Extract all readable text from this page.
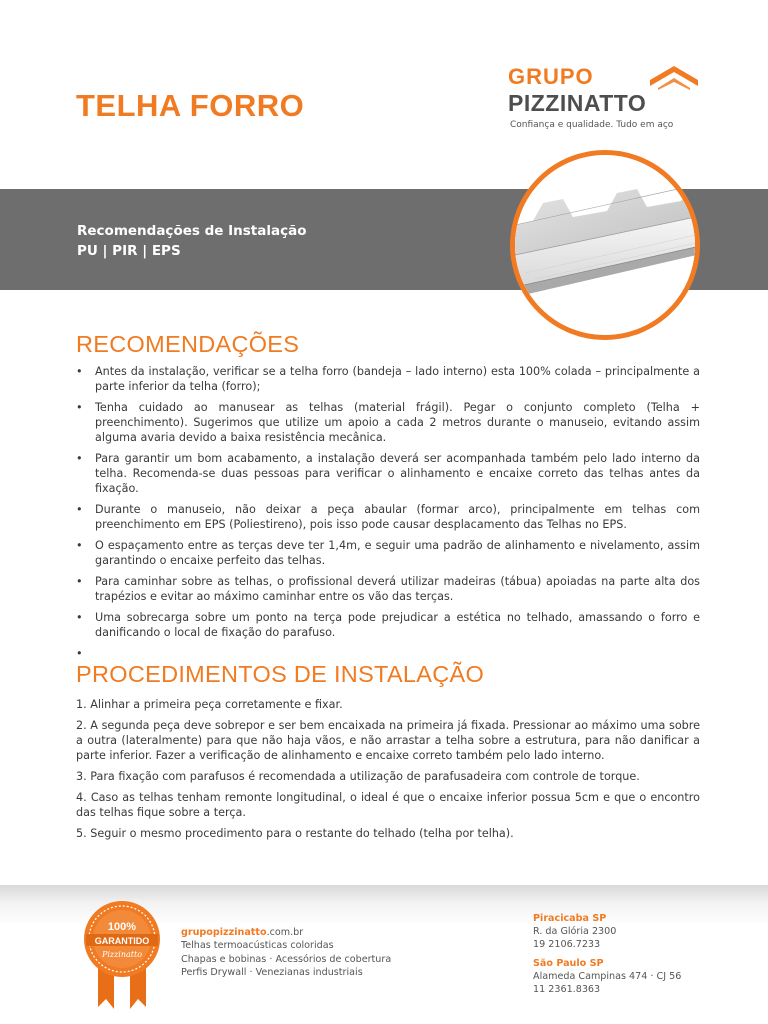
TELHA FORRO
GRUPO
PIZZINATTO
Confiança e qualidade. Tudo em aço
Recomendações de Instalação
PU | PIR | EPS
RECOMENDAÇÕES
• Antes da instalação, verificar se a telha forro (bandeja – lado interno) esta 100% colada – principalmente a parte inferior da telha (forro);
• Tenha cuidado ao manusear as telhas (material frágil). Pegar o conjunto completo (Telha + preenchimento). Sugerimos que utilize um apoio a cada 2 metros durante o manuseio, evitando assim alguma avaria devido a baixa resistência mecânica.
• Para garantir um bom acabamento, a instalação deverá ser acompanhada também pelo lado interno da telha. Recomenda-se duas pessoas para verificar o alinhamento e encaixe correto das telhas antes da fixação.
• Durante o manuseio, não deixar a peça abaular (formar arco), principalmente em telhas com preenchimento em EPS (Poliestireno), pois isso pode causar desplacamento das Telhas no EPS.
• O espaçamento entre as terças deve ter 1,4m, e seguir uma padrão de alinhamento e nivelamento, assim garantindo o encaixe perfeito das telhas.
• Para caminhar sobre as telhas, o profissional deverá utilizar madeiras (tábua) apoiadas na parte alta dos trapézios e evitar ao máximo caminhar entre os vão das terças.
• Uma sobrecarga sobre um ponto na terça pode prejudicar a estética no telhado, amassando o forro e danificando o local de fixação do parafuso.
•
PROCEDIMENTOS DE INSTALAÇÃO
1. Alinhar a primeira peça corretamente e fixar.
2. A segunda peça deve sobrepor e ser bem encaixada na primeira já fixada. Pressionar ao máximo uma sobre a outra (lateralmente) para que não haja vãos, e não arrastar a telha sobre a estrutura, para não danificar a parte inferior. Fazer a verificação de alinhamento e encaixe correto também pelo lado interno.
3. Para fixação com parafusos é recomendada a utilização de parafusadeira com controle de torque.
4. Caso as telhas tenham remonte longitudinal, o ideal é que o encaixe inferior possua 5cm e que o encontro das telhas fique sobre a terça.
5. Seguir o mesmo procedimento para o restante do telhado (telha por telha).
100%
GARANTIDO
Pizzinatto
grupopizzinatto.com.br
Telhas termoacústicas coloridas
Chapas e bobinas · Acessórios de cobertura
Perfis Drywall · Venezianas industriais
Piracicaba SP
R. da Glória 2300
19 2106.7233
São Paulo SP
Alameda Campinas 474 · CJ 56
11 2361.8363
